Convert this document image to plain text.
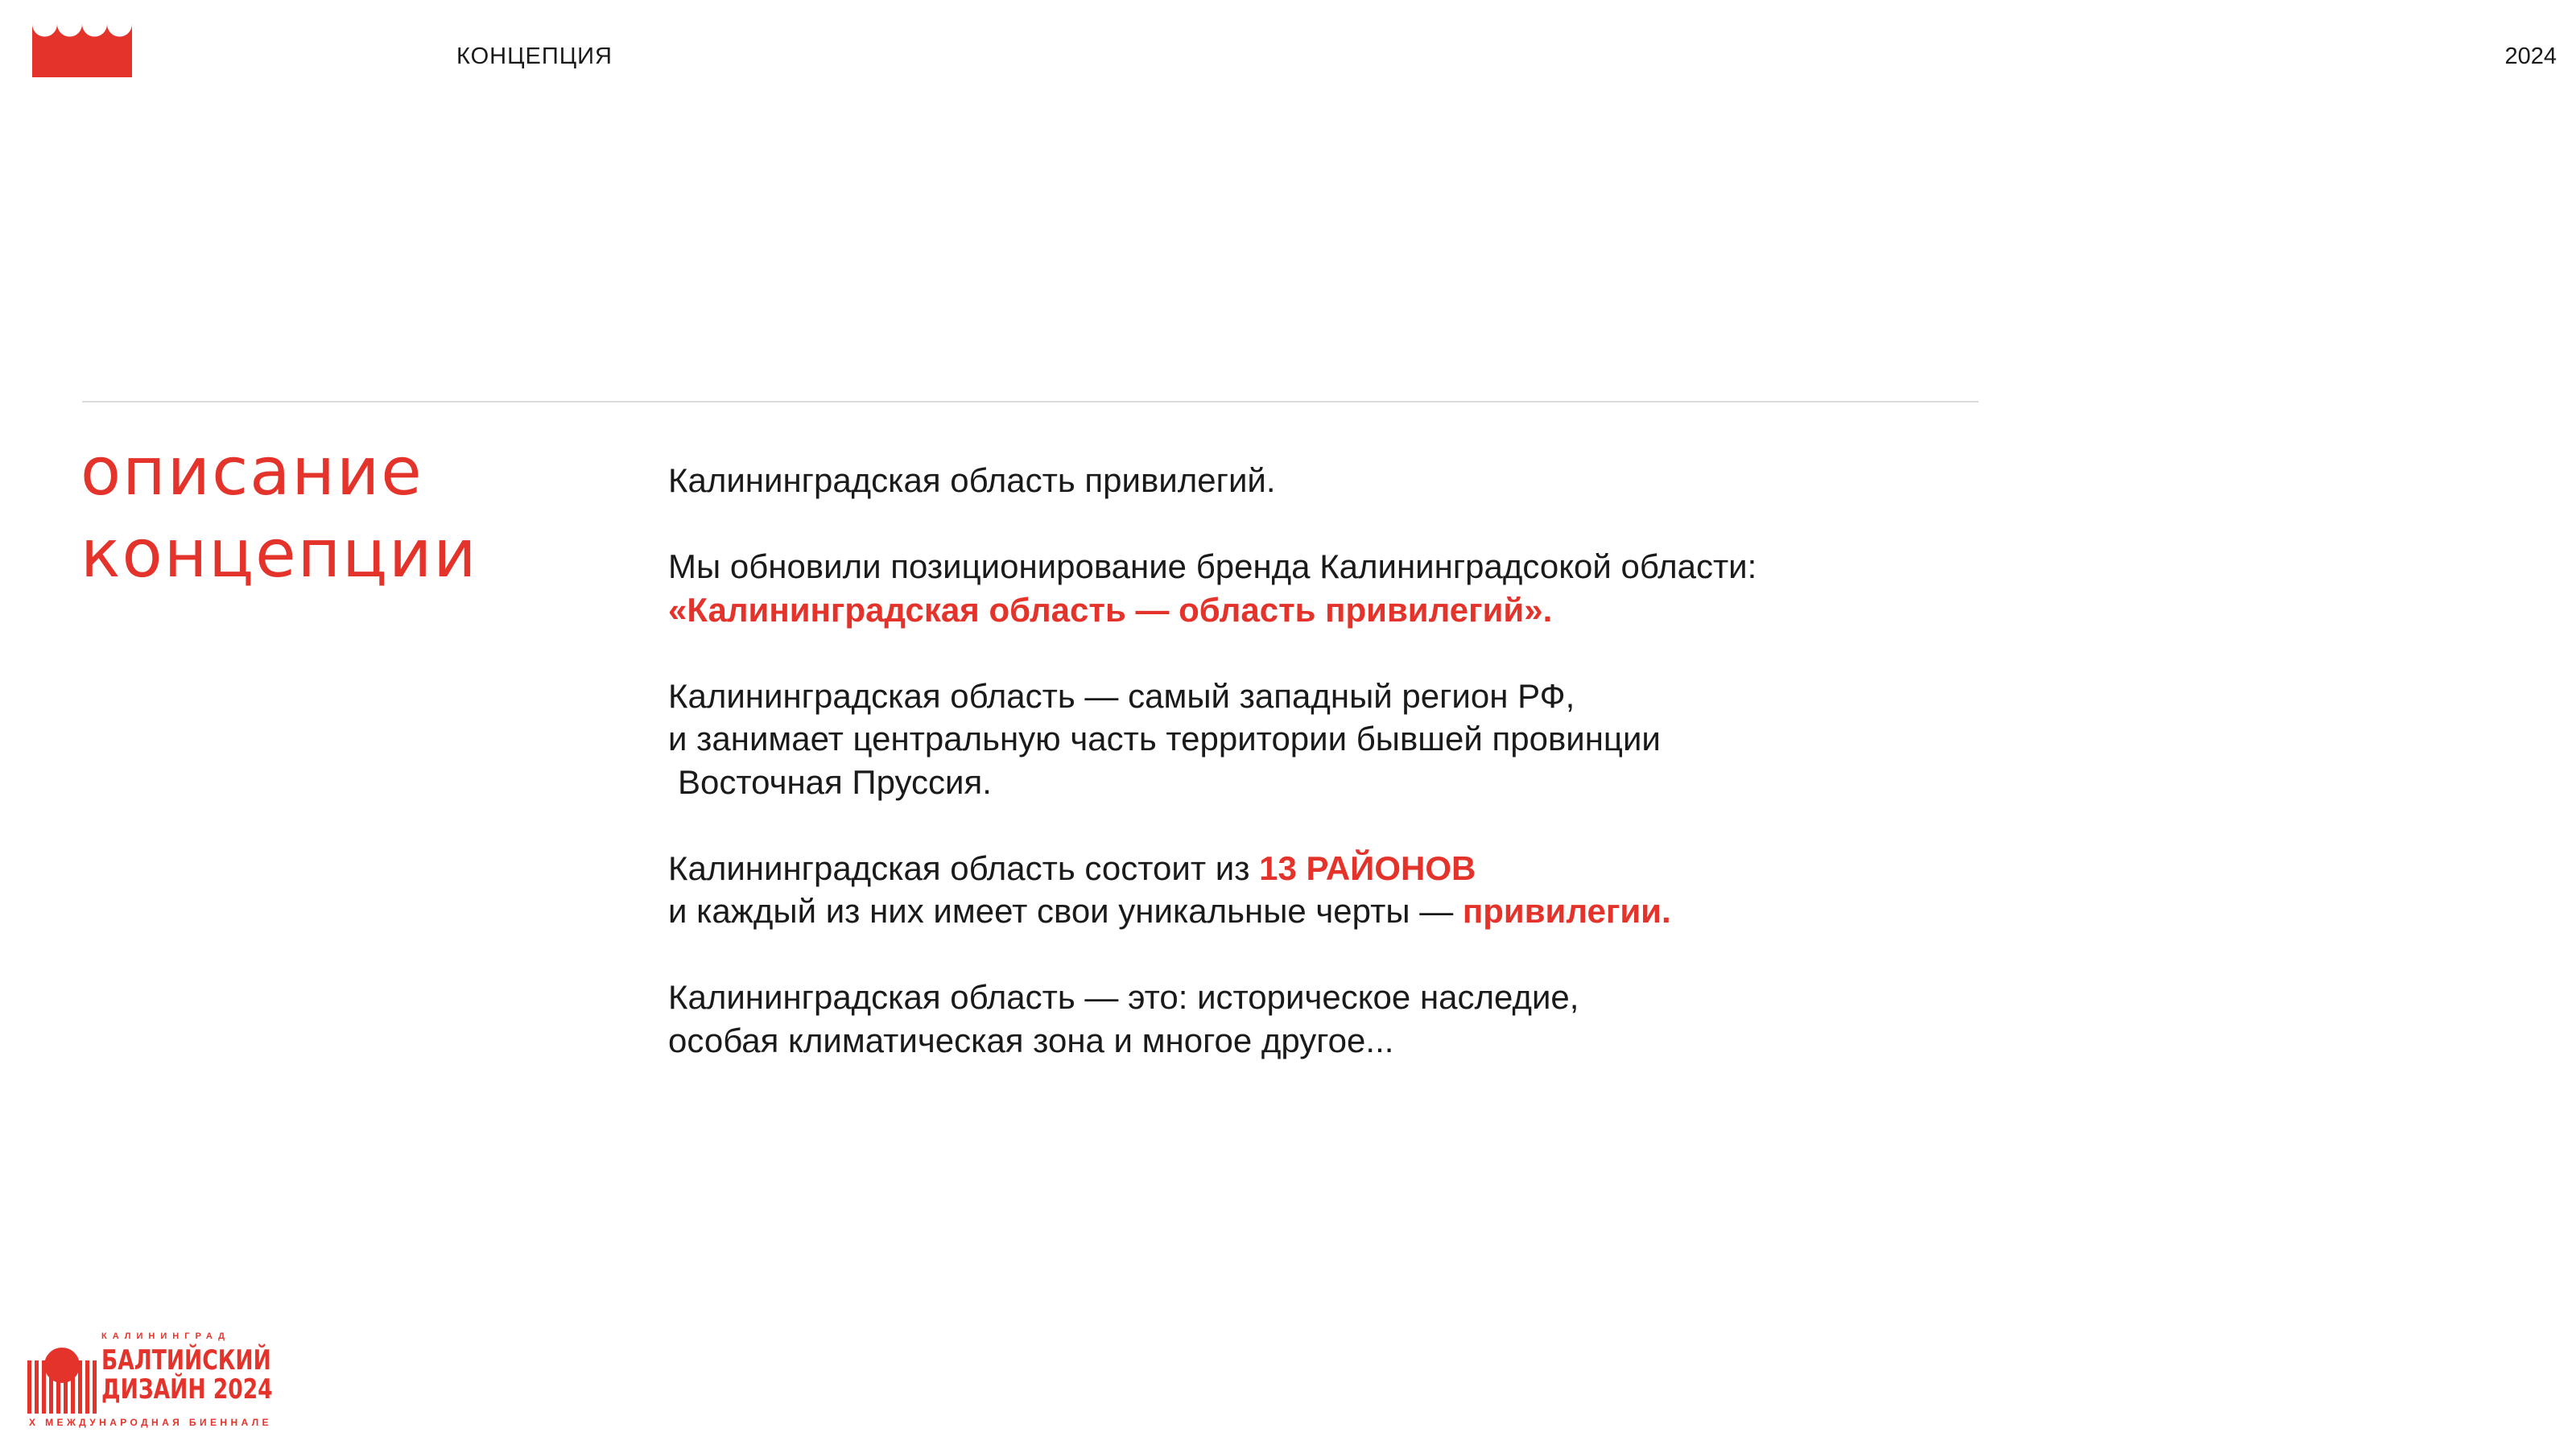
КОНЦЕПЦИЯ	2024
описание
концепции

Калининградская область привилегий.

Мы обновили позиционирование бренда Калининградсокой области:
«Калининградская область — область привилегий».

Калининградская область — самый западный регион РФ,
и занимает центральную часть территории бывшей провинции
Восточная Пруссия.

Калининградская область состоит из 13 РАЙОНОВ
и каждый из них имеет свои уникальные черты — привилегии.

Калининградская область — это: историческое наследие,
особая климатическая зона и многое другое...

КАЛИНИНГРАД
БАЛТИЙСКИЙ
ДИЗАЙН 2024
X МЕЖДУНАРОДНАЯ БИЕННАЛЕ
